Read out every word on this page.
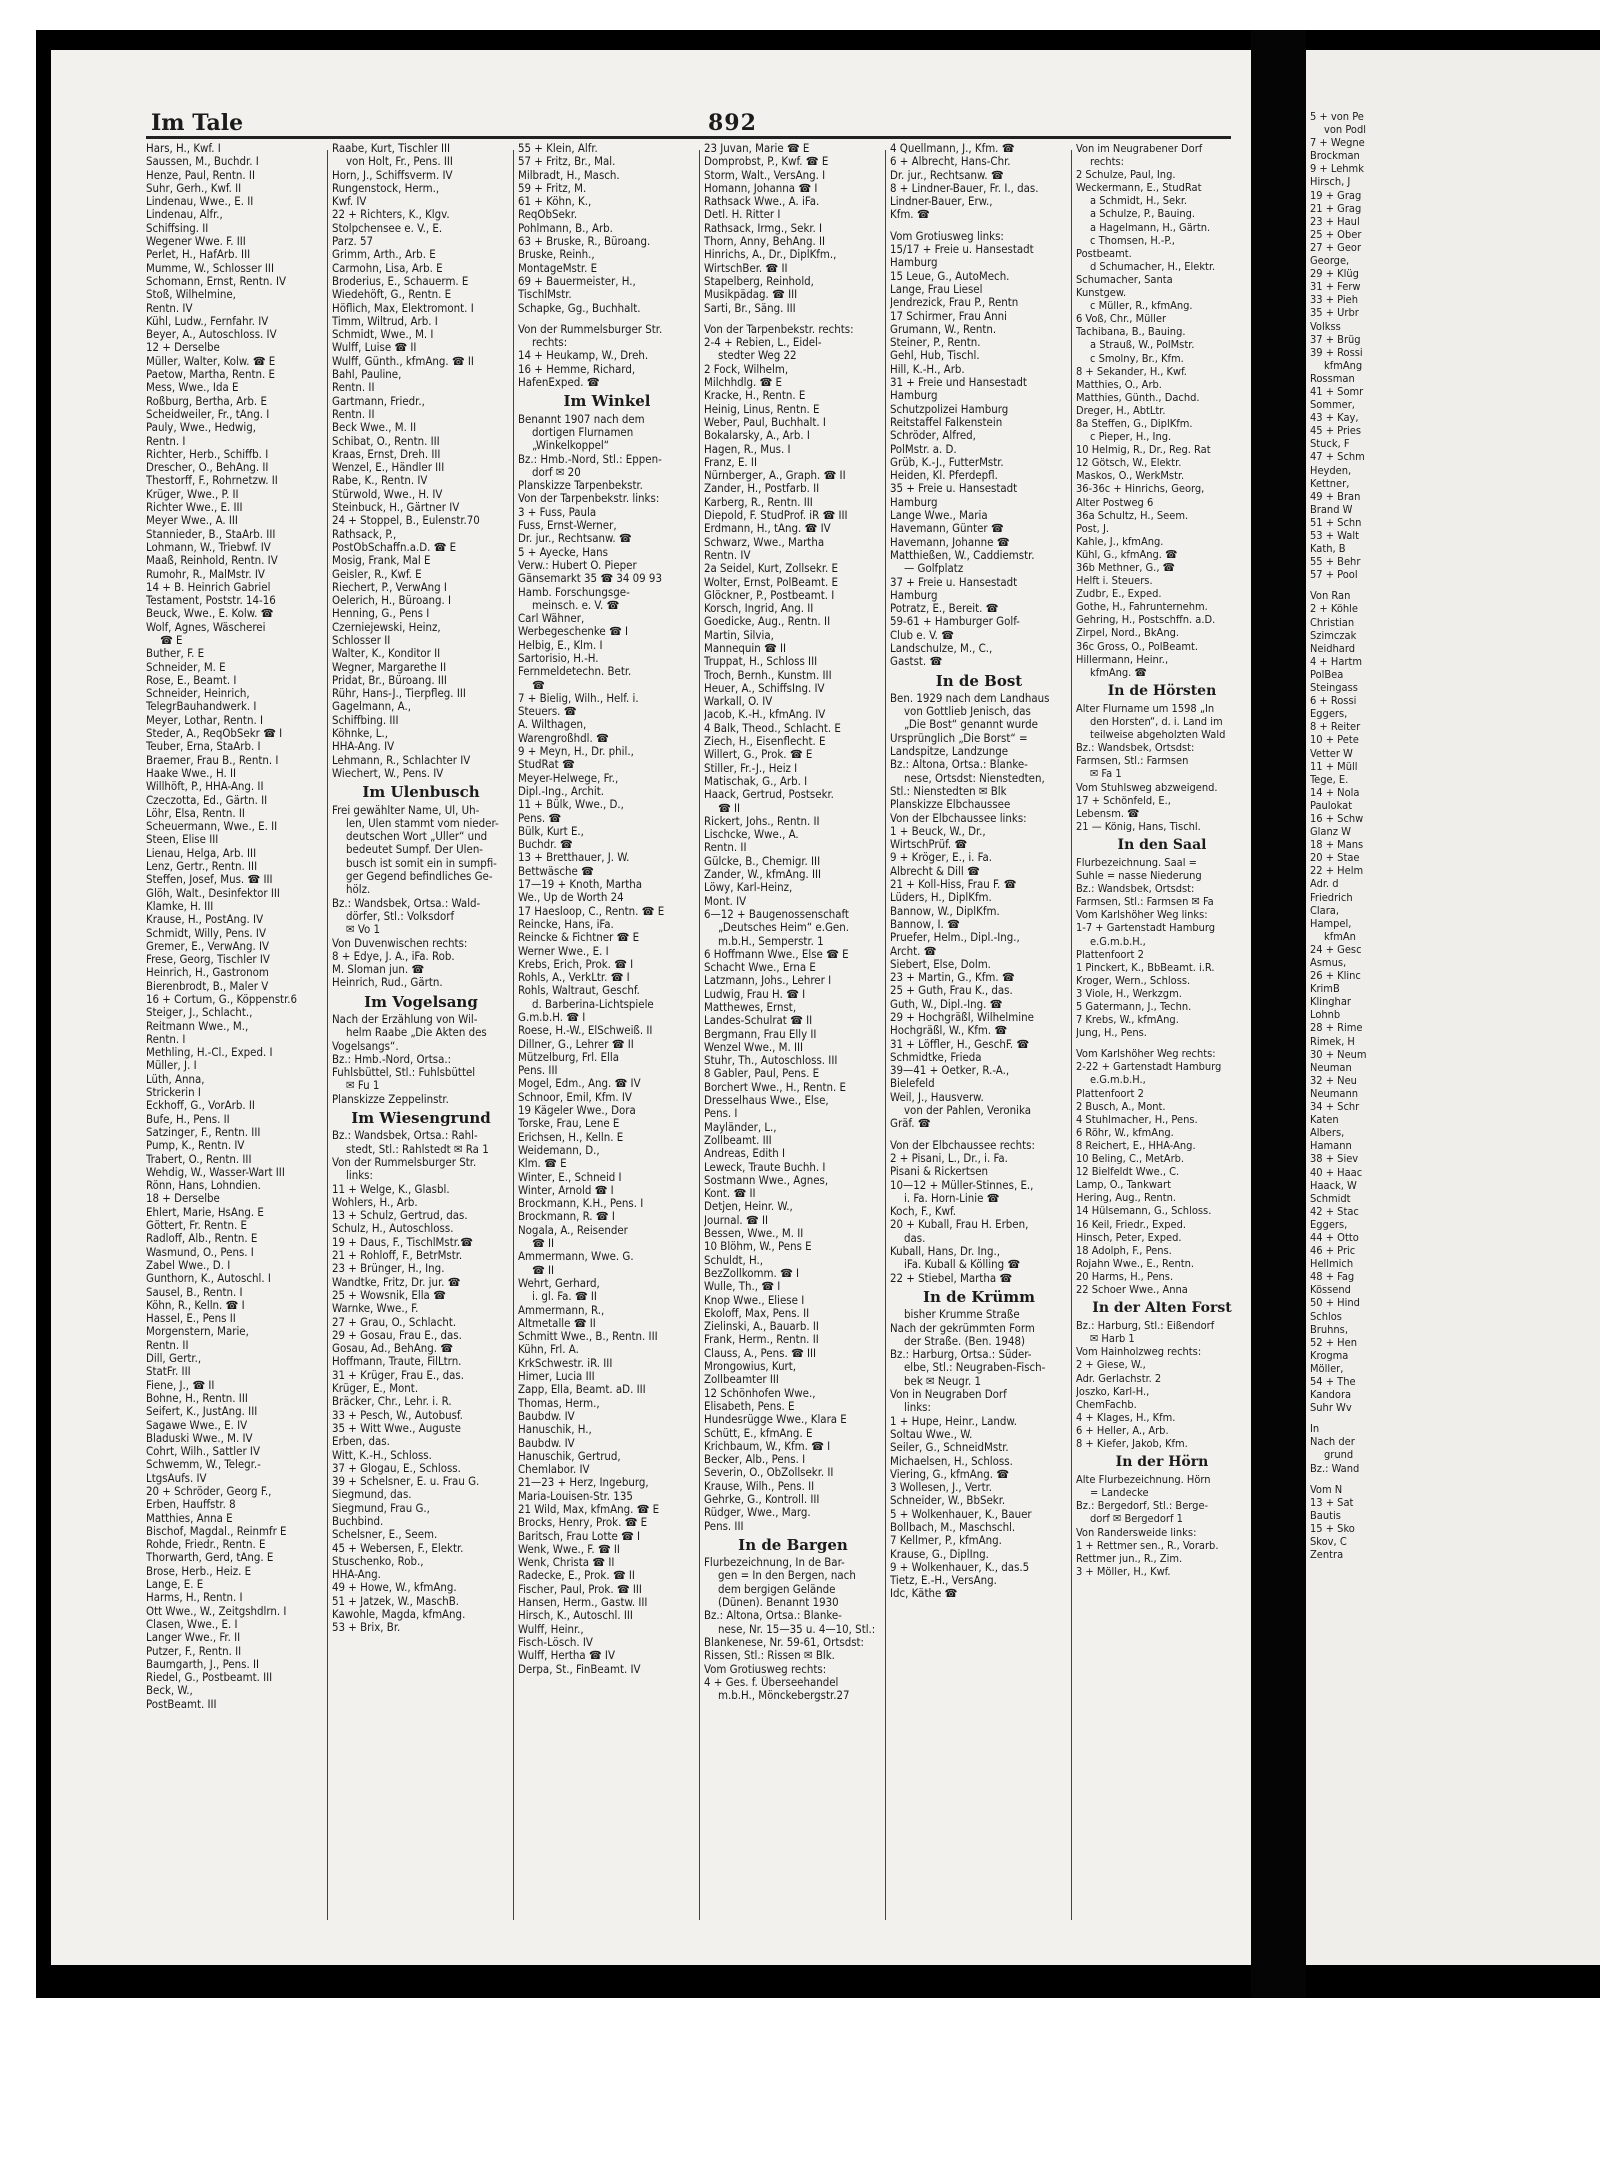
Im Tale	892
Hars, H., Kwf. I
Saussen, M., Buchdr. I
Henze, Paul, Rentn. II
Suhr, Gerh., Kwf. II
Lindenau, Wwe., E. II
Lindenau, Alfr.,
Schiffsing. II
Wegener Wwe. F. III
Perlet, H., HafArb. III
Mumme, W., Schlosser III
Schomann, Ernst, Rentn. IV
Stoß, Wilhelmine,
Rentn. IV
Kühl, Ludw., Fernfahr. IV
Beyer, A., Autoschloss. IV
12 + Derselbe
Müller, Walter, Kolw. ☎ E
Paetow, Martha, Rentn. E
Mess, Wwe., Ida E
Roßburg, Bertha, Arb. E
Scheidweiler, Fr., tAng. I
Pauly, Wwe., Hedwig,
Rentn. I
Richter, Herb., Schiffb. I
Drescher, O., BehAng. II
Thestorff, F., Rohrnetzw. II
Krüger, Wwe., P. II
Richter Wwe., E. III
Meyer Wwe., A. III
Stannieder, B., StaArb. III
Lohmann, W., Triebwf. IV
Maaß, Reinhold, Rentn. IV
Rumohr, R., MalMstr. IV
14 + B. Heinrich Gabriel
Testament, Poststr. 14-16
Beuck, Wwe., E. Kolw. ☎
Wolf, Agnes, Wäscherei
☎ E
Buther, F. E
Schneider, M. E
Rose, E., Beamt. I
Schneider, Heinrich,
TelegrBauhandwerk. I
Meyer, Lothar, Rentn. I
Steder, A., ReqObSekr ☎ I
Teuber, Erna, StaArb. I
Braemer, Frau B., Rentn. I
Haake Wwe., H. II
Willhöft, P., HHA-Ang. II
Czeczotta, Ed., Gärtn. II
Löhr, Elsa, Rentn. II
Scheuermann, Wwe., E. II
Steen, Elise III
Lienau, Helga, Arb. III
Lenz, Gertr., Rentn. III
Steffen, Josef, Mus. ☎ III
Glöh, Walt., Desinfektor III
Klamke, H. III
Krause, H., PostAng. IV
Schmidt, Willy, Pens. IV
Gremer, E., VerwAng. IV
Frese, Georg, Tischler IV
Heinrich, H., Gastronom
Bierenbrodt, B., Maler V
16 + Cortum, G., Köppenstr.6
Steiger, J., Schlacht.,
Reitmann Wwe., M.,
Rentn. I
Methling, H.-Cl., Exped. I
Müller, J. I
Lüth, Anna,
Strickerin I
Eckhoff, G., VorArb. II
Bufe, H., Pens. II
Satzinger, F., Rentn. III
Pump, K., Rentn. IV
Trabert, O., Rentn. III
Wehdig, W., Wasser-Wart III
Rönn, Hans, Lohndien.
18 + Derselbe
Ehlert, Marie, HsAng. E
Göttert, Fr. Rentn. E
Radloff, Alb., Rentn. E
Wasmund, O., Pens. I
Zabel Wwe., D. I
Gunthorn, K., Autoschl. I
Sausel, B., Rentn. I
Köhn, R., Kelln. ☎ I
Hassel, E., Pens II
Morgenstern, Marie,
Rentn. II
Dill, Gertr.,
StatFr. III
Fiene, J., ☎ II
Bohne, H., Rentn. III
Seifert, K., JustAng. III
Sagawe Wwe., E. IV
Bladuski Wwe., M. IV
Cohrt, Wilh., Sattler IV
Schwemm, W., Telegr.-
LtgsAufs. IV
20 + Schröder, Georg F.,
Erben, Hauffstr. 8
Matthies, Anna E
Bischof, Magdal., Reinmfr E
Rohde, Friedr., Rentn. E
Thorwarth, Gerd, tAng. E
Brose, Herb., Heiz. E
Lange, E. E
Harms, H., Rentn. I
Ott Wwe., W., Zeitgshdlrn. I
Clasen, Wwe., E. I
Langer Wwe., Fr. II
Putzer, F., Rentn. II
Baumgarth, J., Pens. II
Riedel, G., Postbeamt. III
Beck, W.,
PostBeamt. III
Raabe, Kurt, Tischler III
von Holt, Fr., Pens. III
Horn, J., Schiffsverm. IV
Rungenstock, Herm.,
Kwf. IV
22 + Richters, K., Klgv.
Stolpchensee e. V., E.
Parz. 57
Grimm, Arth., Arb. E
Carmohn, Lisa, Arb. E
Broderius, E., Schauerm. E
Wiedehöft, G., Rentn. E
Höflich, Max, Elektromont. I
Timm, Wiltrud, Arb. I
Schmidt, Wwe., M. I
Wulff, Luise ☎ II
Wulff, Günth., kfmAng. ☎ II
Bahl, Pauline,
Rentn. II
Gartmann, Friedr.,
Rentn. II
Beck Wwe., M. II
Schibat, O., Rentn. III
Kraas, Ernst, Dreh. III
Wenzel, E., Händler III
Rabe, K., Rentn. IV
Stürwold, Wwe., H. IV
Steinbuck, H., Gärtner IV
24 + Stoppel, B., Eulenstr.70
Rathsack, P.,
PostObSchaffn.a.D. ☎ E
Mosig, Frank, Mal E
Geisler, R., Kwf. E
Riechert, P., VerwAng I
Oelerich, H., Büroang. I
Henning, G., Pens I
Czerniejewski, Heinz,
Schlosser II
Walter, K., Konditor II
Wegner, Margarethe II
Pridat, Br., Büroang. III
Rühr, Hans-J., Tierpfleg. III
Gagelmann, A.,
Schiffbing. III
Köhnke, L.,
HHA-Ang. IV
Lehmann, R., Schlachter IV
Wiechert, W., Pens. IV
Im Ulenbusch
Frei gewählter Name, Ul, Uh-
len, Ulen stammt vom nieder-
deutschen Wort „Uller“ und
bedeutet Sumpf. Der Ulen-
busch ist somit ein in sumpfi-
ger Gegend befindliches Ge-
hölz.
Bz.: Wandsbek, Ortsa.: Wald-
dörfer, Stl.: Volksdorf
✉ Vo 1
Von Duvenwischen rechts:
8 + Edye, J. A., iFa. Rob.
M. Sloman jun. ☎
Heinrich, Rud., Gärtn.
Im Vogelsang
Nach der Erzählung von Wil-
helm Raabe „Die Akten des
Vogelsangs“.
Bz.: Hmb.-Nord, Ortsa.:
Fuhlsbüttel, Stl.: Fuhlsbüttel
✉ Fu 1
Planskizze Zeppelinstr.
Im Wiesengrund
Bz.: Wandsbek, Ortsa.: Rahl-
stedt, Stl.: Rahlstedt ✉ Ra 1
Von der Rummelsburger Str.
links:
11 + Welge, K., Glasbl.
Wohlers, H., Arb.
13 + Schulz, Gertrud, das.
Schulz, H., Autoschloss.
19 + Daus, F., TischlMstr.☎
21 + Rohloff, F., BetrMstr.
23 + Brünger, H., Ing.
Wandtke, Fritz, Dr. jur. ☎
25 + Wowsnik, Ella ☎
Warnke, Wwe., F.
27 + Grau, O., Schlacht.
29 + Gosau, Frau E., das.
Gosau, Ad., BehAng. ☎
Hoffmann, Traute, FilLtrn.
31 + Krüger, Frau E., das.
Krüger, E., Mont.
Bräcker, Chr., Lehr. i. R.
33 + Pesch, W., Autobusf.
35 + Witt Wwe., Auguste
Erben, das.
Witt, K.-H., Schloss.
37 + Glogau, E., Schloss.
39 + Schelsner, E. u. Frau G.
Siegmund, das.
Siegmund, Frau G.,
Buchbind.
Schelsner, E., Seem.
45 + Webersen, F., Elektr.
Stuschenko, Rob.,
HHA-Ang.
49 + Howe, W., kfmAng.
51 + Jatzek, W., MaschB.
Kawohle, Magda, kfmAng.
53 + Brix, Br.
55 + Klein, Alfr.
57 + Fritz, Br., Mal.
Milbradt, H., Masch.
59 + Fritz, M.
61 + Köhn, K.,
ReqObSekr.
Pohlmann, B., Arb.
63 + Bruske, R., Büroang.
Bruske, Reinh.,
MontageMstr. E
69 + Bauermeister, H.,
TischlMstr.
Schapke, Gg., Buchhalt.
Von der Rummelsburger Str.
rechts:
14 + Heukamp, W., Dreh.
16 + Hemme, Richard,
HafenExped. ☎
Im Winkel
Benannt 1907 nach dem
dortigen Flurnamen
„Winkelkoppel“
Bz.: Hmb.-Nord, Stl.: Eppen-
dorf ✉ 20
Planskizze Tarpenbekstr.
Von der Tarpenbekstr. links:
3 + Fuss, Paula
Fuss, Ernst-Werner,
Dr. jur., Rechtsanw. ☎
5 + Ayecke, Hans
Verw.: Hubert O. Pieper
Gänsemarkt 35 ☎ 34 09 93
Hamb. Forschungsge-
meinsch. e. V. ☎
Carl Wähner,
Werbegeschenke ☎ I
Helbig, E., Klm. I
Sartorisio, H.-H.
Fernmeldetechn. Betr.
☎
7 + Bielig, Wilh., Helf. i.
Steuers. ☎
A. Wilthagen,
Warengroßhdl. ☎
9 + Meyn, H., Dr. phil.,
StudRat ☎
Meyer-Helwege, Fr.,
Dipl.-Ing., Archit.
11 + Bülk, Wwe., D.,
Pens. ☎
Bülk, Kurt E.,
Buchdr. ☎
13 + Bretthauer, J. W.
Bettwäsche ☎
17—19 + Knoth, Martha
We., Up de Worth 24
17 Haesloop, C., Rentn. ☎ E
Reincke, Hans, iFa.
Reincke & Fichtner ☎ E
Werner Wwe., E. I
Krebs, Erich, Prok. ☎ I
Rohls, A., VerkLtr. ☎ I
Rohls, Waltraut, Geschf.
d. Barberina-Lichtspiele
G.m.b.H. ☎ I
Roese, H.-W., ElSchweiß. II
Dillner, G., Lehrer ☎ II
Mützelburg, Frl. Ella
Pens. III
Mogel, Edm., Ang. ☎ IV
Schnoor, Emil, Kfm. IV
19 Kägeler Wwe., Dora
Torske, Frau, Lene E
Erichsen, H., Kelln. E
Weidemann, D.,
Klm. ☎ E
Winter, E., Schneid I
Winter, Arnold ☎ I
Brockmann, K.H., Pens. I
Brockmann, R. ☎ I
Nogala, A., Reisender
☎ II
Ammermann, Wwe. G.
☎ II
Wehrt, Gerhard,
i. gl. Fa. ☎ II
Ammermann, R.,
Altmetalle ☎ II
Schmitt Wwe., B., Rentn. III
Kühn, Frl. A.
KrkSchwestr. iR. III
Himer, Lucia III
Zapp, Ella, Beamt. aD. III
Thomas, Herm.,
Baubdw. IV
Hanuschik, H.,
Baubdw. IV
Hanuschik, Gertrud,
Chemlabor. IV
21—23 + Herz, Ingeburg,
Maria-Louisen-Str. 135
21 Wild, Max, kfmAng. ☎ E
Brocks, Henry, Prok. ☎ E
Baritsch, Frau Lotte ☎ I
Wenk, Wwe., F. ☎ II
Wenk, Christa ☎ II
Radecke, E., Prok. ☎ II
Fischer, Paul, Prok. ☎ III
Hansen, Herm., Gastw. III
Hirsch, K., Autoschl. III
Wulff, Heinr.,
Fisch-Lösch. IV
Wulff, Hertha ☎ IV
Derpa, St., FinBeamt. IV
23 Juvan, Marie ☎ E
Domprobst, P., Kwf. ☎ E
Storm, Walt., VersAng. I
Homann, Johanna ☎ I
Rathsack Wwe., A. iFa.
Detl. H. Ritter I
Rathsack, Irmg., Sekr. I
Thorn, Anny, BehAng. II
Hinrichs, A., Dr., DiplKfm.,
WirtschBer. ☎ II
Stapelberg, Reinhold,
Musikpädag. ☎ III
Sarti, Br., Säng. III
Von der Tarpenbekstr. rechts:
2-4 + Rebien, L., Eidel-
stedter Weg 22
2 Fock, Wilhelm,
Milchhdlg. ☎ E
Kracke, H., Rentn. E
Heinig, Linus, Rentn. E
Weber, Paul, Buchhalt. I
Bokalarsky, A., Arb. I
Hagen, R., Mus. I
Franz, E. II
Nürnberger, A., Graph. ☎ II
Zander, H., Postfarb. II
Karberg, R., Rentn. III
Diepold, F. StudProf. iR ☎ III
Erdmann, H., tAng. ☎ IV
Schwarz, Wwe., Martha
Rentn. IV
2a Seidel, Kurt, Zollsekr. E
Wolter, Ernst, PolBeamt. E
Glöckner, P., Postbeamt. I
Korsch, Ingrid, Ang. II
Goedicke, Aug., Rentn. II
Martin, Silvia,
Mannequin ☎ II
Truppat, H., Schloss III
Troch, Bernh., Kunstm. III
Heuer, A., SchiffsIng. IV
Warkall, O. IV
Jacob, K.-H., kfmAng. IV
4 Balk, Theod., Schlacht. E
Ziech, H., Eisenflecht. E
Willert, G., Prok. ☎ E
Stiller, Fr.-J., Heiz I
Matischak, G., Arb. I
Haack, Gertrud, Postsekr.
☎ II
Rickert, Johs., Rentn. II
Lischcke, Wwe., A.
Rentn. II
Gülcke, B., Chemigr. III
Zander, W., kfmAng. III
Löwy, Karl-Heinz,
Mont. IV
6—12 + Baugenossenschaft
„Deutsches Heim“ e.Gen.
m.b.H., Semperstr. 1
6 Hoffmann Wwe., Else ☎ E
Schacht Wwe., Erna E
Latzmann, Johs., Lehrer I
Ludwig, Frau H. ☎ I
Matthewes, Ernst,
Landes-Schulrat ☎ II
Bergmann, Frau Elly II
Wenzel Wwe., M. III
Stuhr, Th., Autoschloss. III
8 Gabler, Paul, Pens. E
Borchert Wwe., H., Rentn. E
Dresselhaus Wwe., Else,
Pens. I
Mayländer, L.,
Zollbeamt. III
Andreas, Edith I
Leweck, Traute Buchh. I
Sostmann Wwe., Agnes,
Kont. ☎ II
Detjen, Heinr. W.,
Journal. ☎ II
Bessen, Wwe., M. II
10 Blöhm, W., Pens E
Schuldt, H.,
BezZollkomm. ☎ I
Wulle, Th., ☎ I
Knop Wwe., Eliese I
Ekoloff, Max, Pens. II
Zielinski, A., Bauarb. II
Frank, Herm., Rentn. II
Clauss, A., Pens. ☎ III
Mrongowius, Kurt,
Zollbeamter III
12 Schönhofen Wwe.,
Elisabeth, Pens. E
Hundesrügge Wwe., Klara E
Schütt, E., kfmAng. E
Krichbaum, W., Kfm. ☎ I
Becker, Alb., Pens. I
Severin, O., ObZollsekr. II
Krause, Wilh., Pens. II
Gehrke, G., Kontroll. III
Rüdger, Wwe., Marg.
Pens. III
In de Bargen
Flurbezeichnung, In de Bar-
gen = In den Bergen, nach
dem bergigen Gelände
(Dünen). Benannt 1930
Bz.: Altona, Ortsa.: Blanke-
nese, Nr. 15—35 u. 4—10, Stl.:
Blankenese, Nr. 59-61, Ortsdst:
Rissen, Stl.: Rissen ✉ Blk.
Vom Grotiusweg rechts:
4 + Ges. f. Überseehandel
m.b.H., Mönckebergstr.27
4 Quellmann, J., Kfm. ☎
6 + Albrecht, Hans-Chr.
Dr. jur., Rechtsanw. ☎
8 + Lindner-Bauer, Fr. I., das.
Lindner-Bauer, Erw.,
Kfm. ☎
Vom Grotiusweg links:
15/17 + Freie u. Hansestadt
Hamburg
15 Leue, G., AutoMech.
Lange, Frau Liesel
Jendrezick, Frau P., Rentn
17 Schirmer, Frau Anni
Grumann, W., Rentn.
Steiner, P., Rentn.
Gehl, Hub, Tischl.
Hill, K.-H., Arb.
31 + Freie und Hansestadt
Hamburg
Schutzpolizei Hamburg
Reitstaffel Falkenstein
Schröder, Alfred,
PolMstr. a. D.
Grüb, K.-J., FutterMstr.
Heiden, Kl. Pferdepfl.
35 + Freie u. Hansestadt
Hamburg
Lange Wwe., Maria
Havemann, Günter ☎
Havemann, Johanne ☎
Matthießen, W., Caddiemstr.
— Golfplatz
37 + Freie u. Hansestadt
Hamburg
Potratz, E., Bereit. ☎
59-61 + Hamburger Golf-
Club e. V. ☎
Landschulze, M., C.,
Gastst. ☎
In de Bost
Ben. 1929 nach dem Landhaus
von Gottlieb Jenisch, das
„Die Bost“ genannt wurde
Ursprünglich „Die Borst“ =
Landspitze, Landzunge
Bz.: Altona, Ortsa.: Blanke-
nese, Ortsdst: Nienstedten,
Stl.: Nienstedten ✉ Blk
Planskizze Elbchaussee
Von der Elbchaussee links:
1 + Beuck, W., Dr.,
WirtschPrüf. ☎
9 + Kröger, E., i. Fa.
Albrecht & Dill ☎
21 + Koll-Hiss, Frau F. ☎
Lüders, H., DiplKfm.
Bannow, W., DiplKfm.
Bannow, I. ☎
Pruefer, Helm., Dipl.-Ing.,
Archt. ☎
Siebert, Else, Dolm.
23 + Martin, G., Kfm. ☎
25 + Guth, Frau K., das.
Guth, W., Dipl.-Ing. ☎
29 + Hochgräßl, Wilhelmine
Hochgräßl, W., Kfm. ☎
31 + Löffler, H., GeschF. ☎
Schmidtke, Frieda
39—41 + Oetker, R.-A.,
Bielefeld
Weil, J., Hausverw.
von der Pahlen, Veronika
Gräf. ☎
Von der Elbchaussee rechts:
2 + Pisani, L., Dr., i. Fa.
Pisani & Rickertsen
10—12 + Müller-Stinnes, E.,
i. Fa. Horn-Linie ☎
Koch, F., Kwf.
20 + Kuball, Frau H. Erben,
das.
Kuball, Hans, Dr. Ing.,
iFa. Kuball & Kölling ☎
22 + Stiebel, Martha ☎
In de Krümm
bisher Krumme Straße
Nach der gekrümmten Form
der Straße. (Ben. 1948)
Bz.: Harburg, Ortsa.: Süder-
elbe, Stl.: Neugraben-Fisch-
bek ✉ Neugr. 1
Von in Neugraben Dorf
links:
1 + Hupe, Heinr., Landw.
Soltau Wwe., W.
Seiler, G., SchneidMstr.
Michaelsen, H., Schloss.
Viering, G., kfmAng. ☎
3 Wollesen, J., Vertr.
Schneider, W., BbSekr.
5 + Wolkenhauer, K., Bauer
Bollbach, M., Maschschl.
7 Kellmer, P., kfmAng.
Krause, G., DiplIng.
9 + Wolkenhauer, K., das.5
Tietz, E.-H., VersAng.
Idc, Käthe ☎
Von im Neugrabener Dorf
rechts:
2 Schulze, Paul, Ing.
Weckermann, E., StudRat
a Schmidt, H., Sekr.
a Schulze, P., Bauing.
a Hagelmann, H., Gärtn.
c Thomsen, H.-P.,
Postbeamt.
d Schumacher, H., Elektr.
Schumacher, Santa
Kunstgew.
c Müller, R., kfmAng.
6 Voß, Chr., Müller
Tachibana, B., Bauing.
a Strauß, W., PolMstr.
c Smolny, Br., Kfm.
8 + Sekander, H., Kwf.
Matthies, O., Arb.
Matthies, Günth., Dachd.
Dreger, H., AbtLtr.
8a Steffen, G., DiplKfm.
c Pieper, H., Ing.
10 Helmig, R., Dr., Reg. Rat
12 Götsch, W., Elektr.
Maskos, O., WerkMstr.
36-36c + Hinrichs, Georg,
Alter Postweg 6
36a Schultz, H., Seem.
Post, J.
Kahle, J., kfmAng.
Kühl, G., kfmAng. ☎
36b Methner, G., ☎
Helft i. Steuers.
Zudbr, E., Exped.
Gothe, H., Fahrunternehm.
Gehring, H., Postschffn. a.D.
Zirpel, Nord., BkAng.
36c Gross, O., PolBeamt.
Hillermann, Heinr.,
kfmAng. ☎
In de Hörsten
Alter Flurname um 1598 „In
den Horsten“, d. i. Land im
teilweise abgeholzten Wald
Bz.: Wandsbek, Ortsdst:
Farmsen, Stl.: Farmsen
✉ Fa 1
Vom Stuhlsweg abzweigend.
17 + Schönfeld, E.,
Lebensm. ☎
21 — König, Hans, Tischl.
In den Saal
Flurbezeichnung. Saal =
Suhle = nasse Niederung
Bz.: Wandsbek, Ortsdst:
Farmsen, Stl.: Farmsen ✉ Fa
Vom Karlshöher Weg links:
1-7 + Gartenstadt Hamburg
e.G.m.b.H.,
Plattenfoort 2
1 Pinckert, K., BbBeamt. i.R.
Kroger, Wern., Schloss.
3 Viole, H., Werkzgm.
5 Gatermann, J., Techn.
7 Krebs, W., kfmAng.
Jung, H., Pens.
Vom Karlshöher Weg rechts:
2-22 + Gartenstadt Hamburg
e.G.m.b.H.,
Plattenfoort 2
2 Busch, A., Mont.
4 Stuhlmacher, H., Pens.
6 Röhr, W., kfmAng.
8 Reichert, E., HHA-Ang.
10 Beling, C., MetArb.
12 Bielfeldt Wwe., C.
Lamp, O., Tankwart
Hering, Aug., Rentn.
14 Hülsemann, G., Schloss.
16 Keil, Friedr., Exped.
Hinsch, Peter, Exped.
18 Adolph, F., Pens.
Rojahn Wwe., E., Rentn.
20 Harms, H., Pens.
22 Schoer Wwe., Anna
In der Alten Forst
Bz.: Harburg, Stl.: Eißendorf
✉ Harb 1
Vom Hainholzweg rechts:
2 + Giese, W.,
Adr. Gerlachstr. 2
Joszko, Karl-H.,
ChemFachb.
4 + Klages, H., Kfm.
6 + Heller, A., Arb.
8 + Kiefer, Jakob, Kfm.
In der Hörn
Alte Flurbezeichnung. Hörn
= Landecke
Bz.: Bergedorf, Stl.: Berge-
dorf ✉ Bergedorf 1
Von Randersweide links:
1 + Rettmer sen., R., Vorarb.
Rettmer jun., R., Zim.
3 + Möller, H., Kwf.
5 + von Pe
von Podl
7 + Wegne
Brockman
9 + Lehmk
Hirsch, J
19 + Grag
21 + Grag
23 + Haul
25 + Ober
27 + Geor
George,
29 + Klüg
31 + Ferw
33 + Pieh
35 + Urbr
Volkss
37 + Brüg
39 + Rossi
kfmAng
Rossman
41 + Somr
Sommer,
43 + Kay,
45 + Pries
Stuck, F
47 + Schm
Heyden,
Kettner,
49 + Bran
Brand W
51 + Schn
53 + Walt
Kath, B
55 + Behr
57 + Pool
Von Ran
2 + Köhle
Christian
Szimczak
Neidhard
4 + Hartm
PolBea
Steingass
6 + Rossi
Eggers,
8 + Reiter
10 + Pete
Vetter W
11 + Müll
Tege, E.
14 + Nola
Paulokat
16 + Schw
Glanz W
18 + Mans
20 + Stae
22 + Helm
Adr. d
Friedrich
Clara,
Hampel,
kfmAn
24 + Gesc
Asmus,
26 + Klinc
KrimB
Klinghar
Lohnb
28 + Rime
Rimek, H
30 + Neum
Neuman
32 + Neu
Neumann
34 + Schr
Katen
Albers,
Hamann
38 + Siev
40 + Haac
Haack, W
Schmidt
42 + Stac
Eggers,
44 + Otto
46 + Pric
Hellmich
48 + Fag
Kössend
50 + Hind
Schlos
Bruhns,
52 + Hen
Krogma
Möller,
54 + The
Kandora
Suhr Wv
In
Nach der
grund
Bz.: Wand
Vom N
13 + Sat
Bautis
15 + Sko
Skov, C
Zentra
